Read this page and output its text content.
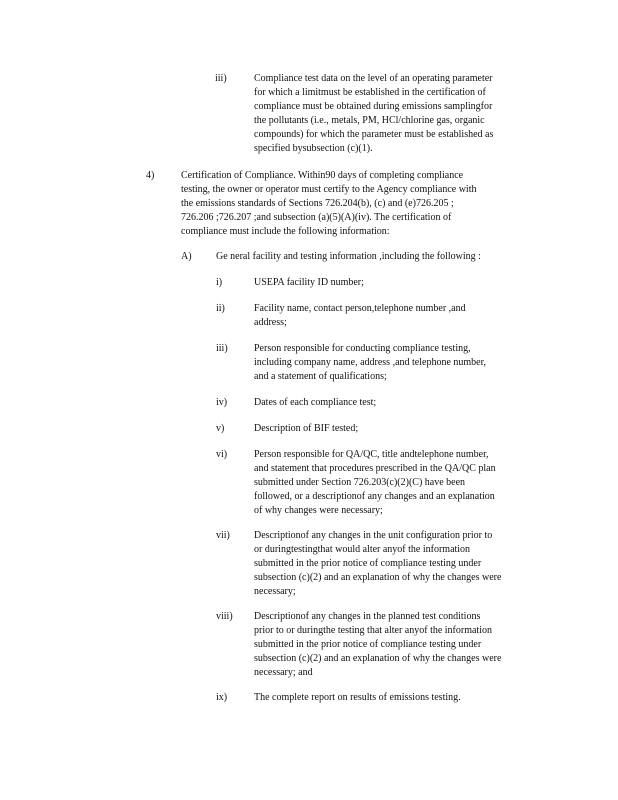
iii)	Compliance test data on the level of an operating parameter
for which a limitmust be established in the certification of
compliance must be obtained during emissions samplingfor
the pollutants (i.e., metals, PM, HCl/chlorine gas, organic
compounds) for which the parameter must be established as
specified bysubsection (c)(1).
4)	Certification of Compliance. Within90 days of completing compliance
testing, the owner or operator must certify to the Agency compliance with
the emissions standards of Sections 726.204(b), (c) and (e)726.205 ;
726.206 ;726.207 ;and subsection (a)(5)(A)(iv). The certification of
compliance must include the following information:
A) Ge neral facility and testing information ,including the following :
i)	USEPA facility ID number;
ii)	Facility name, contact person,telephone number ,and
address;
iii)	Person responsible for conducting compliance testing,
including company name, address ,and telephone number,
and a statement of qualifications;
iv)	Dates of each compliance test;
v)	Description of BIF tested;
vi)	Person responsible for QA/QC, title andtelephone number,
and statement that procedures prescribed in the QA/QC plan
submitted under Section 726.203(c)(2)(C) have been
followed, or a descriptionof any changes and an explanation
of why changes were necessary;
vii) Descriptionof any changes in the unit configuration prior to
or duringtestingthat would alter anyof the information
submitted in the prior notice of compliance testing under
subsection (c)(2) and an explanation of why the changes were
necessary;
viii) Descriptionof any changes in the planned test conditions
prior to or duringthe testing that alter anyof the information
submitted in the prior notice of compliance testing under
subsection (c)(2) and an explanation of why the changes were
necessary; and
ix)	The complete report on results of emissions testing.
